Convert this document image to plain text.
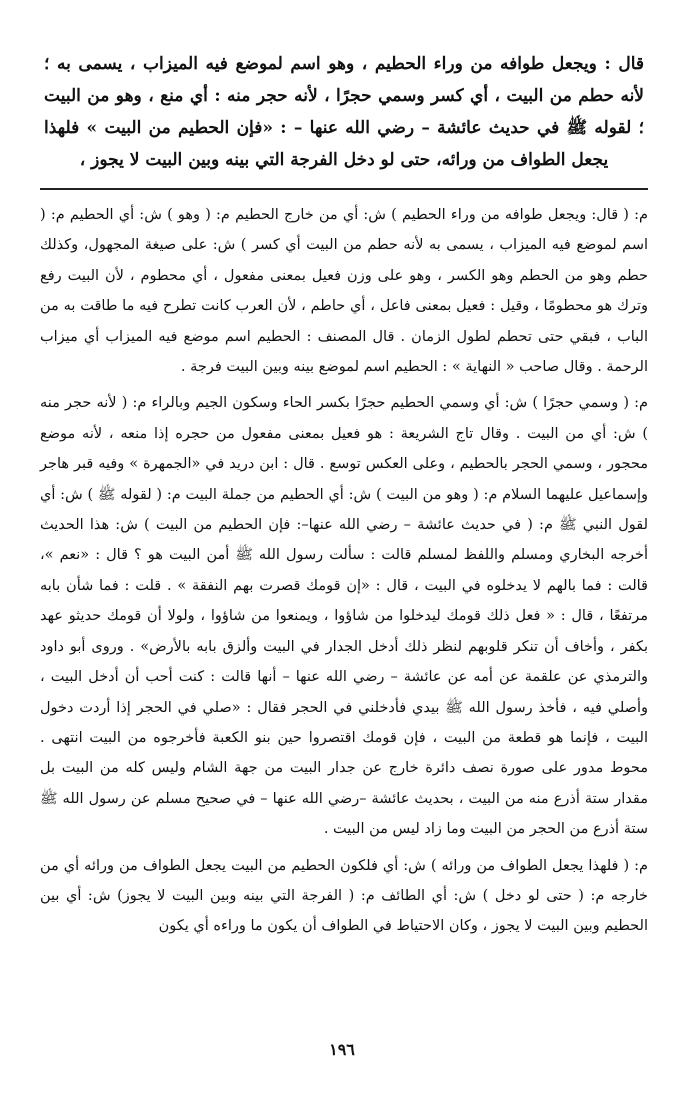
قال : ويجعل طوافه من وراء الحطيم ، وهو اسم لموضع فيه الميزاب ، يسمى به ؛ لأنه حطم من البيت ، أي كسر وسمي حجرًا ، لأنه حجر منه : أي منع ، وهو من البيت ؛ لقوله ﷺ في حديث عائشة – رضي الله عنها – : «فإن الحطيم من البيت » فلهذا يجعل الطواف من ورائه، حتى لو دخل الفرجة التي بينه وبين البيت لا يجوز ،

م: ( قال: ويجعل طوافه من وراء الحطيم ) ش: أي من خارج الحطيم م: ( وهو ) ش: أي الحطيم م: ( اسم لموضع فيه الميزاب ، يسمى به لأنه حطم من البيت أي كسر ) ش: على صيغة المجهول، وكذلك حطم وهو من الحطم وهو الكسر ، وهو على وزن فعيل بمعنى مفعول ، أي محطوم ، لأن البيت رفع وترك هو محطومًا ، وقيل : فعيل بمعنى فاعل ، أي حاطم ، لأن العرب كانت تطرح فيه ما طاقت به من الباب ، فبقي حتى تحطم لطول الزمان . قال المصنف : الحطيم اسم موضع فيه الميزاب أي ميزاب الرحمة . وقال صاحب « النهاية » : الحطيم اسم لموضع بينه وبين البيت فرجة .

م: ( وسمي حجرًا ) ش: أي وسمي الحطيم حجرًا بكسر الحاء وسكون الجيم وبالراء م: ( لأنه حجر منه ) ش: أي من البيت . وقال تاج الشريعة : هو فعيل بمعنى مفعول من حجره إذا منعه ، لأنه موضع محجور ، وسمي الحجر بالحطيم ، وعلى العكس توسع . قال : ابن دريد في «الجمهرة » وفيه قبر هاجر وإسماعيل عليهما السلام م: ( وهو من البيت ) ش: أي الحطيم من جملة البيت م: ( لقوله ﷺ ) ش: أي لقول النبي ﷺ م: ( في حديث عائشة – رضي الله عنها–: فإن الحطيم من البيت ) ش: هذا الحديث أخرجه البخاري ومسلم واللفظ لمسلم قالت : سألت رسول الله ﷺ أمن البيت هو ؟ قال : «نعم »، قالت : فما بالهم لا يدخلوه في البيت ، قال : «إن قومك قصرت بهم النفقة » . قلت : فما شأن بابه مرتفعًا ، قال : « فعل ذلك قومك ليدخلوا من شاؤوا ، ويمنعوا من شاؤوا ، ولولا أن قومك حديثو عهد بكفر ، وأخاف أن تنكر قلوبهم لنظر ذلك أدخل الجدار في البيت وألزق بابه بالأرض» . وروى أبو داود والترمذي عن علقمة عن أمه عن عائشة – رضي الله عنها – أنها قالت : كنت أحب أن أدخل البيت ، وأصلي فيه ، فأخذ رسول الله ﷺ بيدي فأدخلني في الحجر فقال : «صلي في الحجر إذا أردت دخول البيت ، فإنما هو قطعة من البيت ، فإن قومك اقتصروا حين بنو الكعبة فأخرجوه من البيت انتهى . محوط مدور على صورة نصف دائرة خارج عن جدار البيت من جهة الشام وليس كله من البيت بل مقدار ستة أذرع منه من البيت ، بحديث عائشة –رضي الله عنها – في صحيح مسلم عن رسول الله ﷺ ستة أذرع من الحجر من البيت وما زاد ليس من البيت .

م: ( فلهذا يجعل الطواف من ورائه ) ش: أي فلكون الحطيم من البيت يجعل الطواف من ورائه أي من خارجه م: ( حتى لو دخل ) ش: أي الطائف م: ( الفرجة التي بينه وبين البيت لا يجوز) ش: أي بين الحطيم وبين البيت لا يجوز ، وكان الاحتياط في الطواف أن يكون ما وراءه أي يكون

١٩٦
